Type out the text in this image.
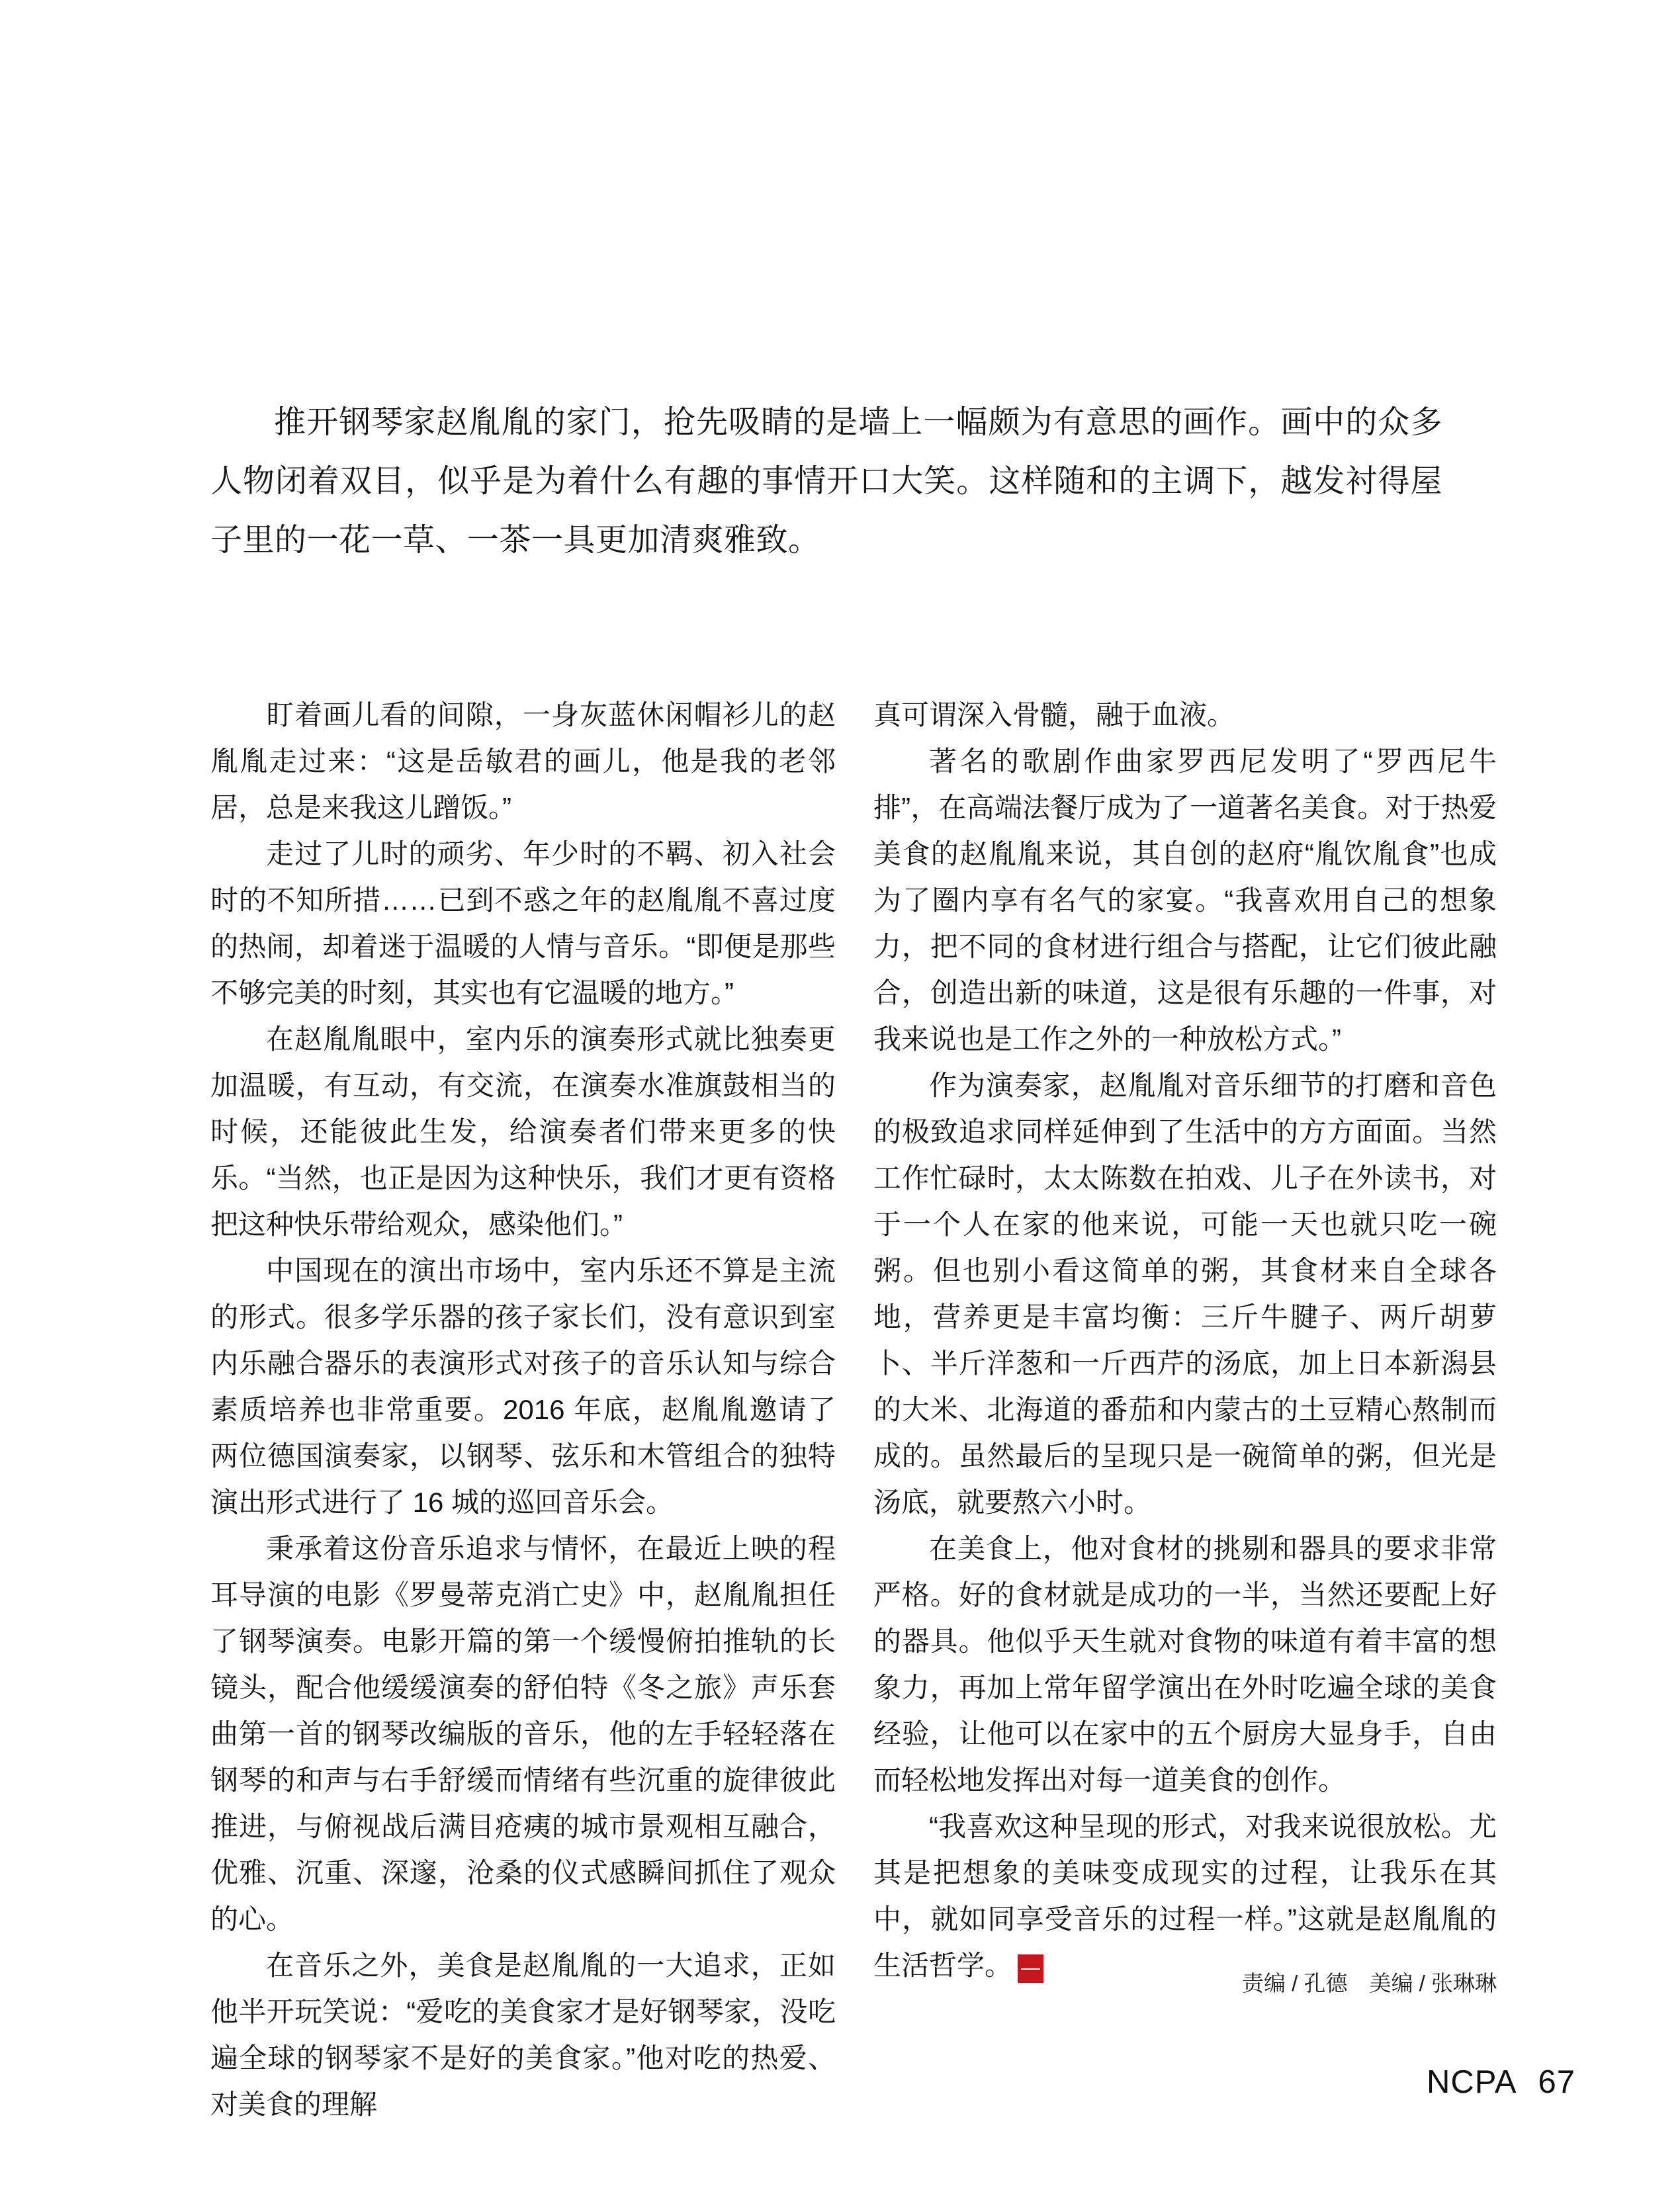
推开钢琴家赵胤胤的家门，抢先吸睛的是墙上一幅颇为有意思的画作。画中的众多人物闭着双目，似乎是为着什么有趣的事情开口大笑。这样随和的主调下，越发衬得屋子里的一花一草、一茶一具更加清爽雅致。

盯着画儿看的间隙，一身灰蓝休闲帽衫儿的赵胤胤走过来：“这是岳敏君的画儿，他是我的老邻居，总是来我这儿蹭饭。”

走过了儿时的顽劣、年少时的不羁、初入社会时的不知所措……已到不惑之年的赵胤胤不喜过度的热闹，却着迷于温暖的人情与音乐。“即便是那些不够完美的时刻，其实也有它温暖的地方。”

在赵胤胤眼中，室内乐的演奏形式就比独奏更加温暖，有互动，有交流，在演奏水准旗鼓相当的时候，还能彼此生发，给演奏者们带来更多的快乐。“当然，也正是因为这种快乐，我们才更有资格把这种快乐带给观众，感染他们。”

中国现在的演出市场中，室内乐还不算是主流的形式。很多学乐器的孩子家长们，没有意识到室内乐融合器乐的表演形式对孩子的音乐认知与综合素质培养也非常重要。2016 年底，赵胤胤邀请了两位德国演奏家，以钢琴、弦乐和木管组合的独特演出形式进行了 16 城的巡回音乐会。

秉承着这份音乐追求与情怀，在最近上映的程耳导演的电影《罗曼蒂克消亡史》中，赵胤胤担任了钢琴演奏。电影开篇的第一个缓慢俯拍推轨的长镜头，配合他缓缓演奏的舒伯特《冬之旅》声乐套曲第一首的钢琴改编版的音乐，他的左手轻轻落在钢琴的和声与右手舒缓而情绪有些沉重的旋律彼此推进，与俯视战后满目疮痍的城市景观相互融合，优雅、沉重、深邃，沧桑的仪式感瞬间抓住了观众的心。

在音乐之外，美食是赵胤胤的一大追求，正如他半开玩笑说：“爱吃的美食家才是好钢琴家，没吃遍全球的钢琴家不是好的美食家。”他对吃的热爱、对美食的理解

真可谓深入骨髓，融于血液。

著名的歌剧作曲家罗西尼发明了“罗西尼牛排”，在高端法餐厅成为了一道著名美食。对于热爱美食的赵胤胤来说，其自创的赵府“胤饮胤食”也成为了圈内享有名气的家宴。“我喜欢用自己的想象力，把不同的食材进行组合与搭配，让它们彼此融合，创造出新的味道，这是很有乐趣的一件事，对我来说也是工作之外的一种放松方式。”

作为演奏家，赵胤胤对音乐细节的打磨和音色的极致追求同样延伸到了生活中的方方面面。当然工作忙碌时，太太陈数在拍戏、儿子在外读书，对于一个人在家的他来说，可能一天也就只吃一碗粥。但也别小看这简单的粥，其食材来自全球各地，营养更是丰富均衡：三斤牛腱子、两斤胡萝卜、半斤洋葱和一斤西芹的汤底，加上日本新潟县的大米、北海道的番茄和内蒙古的土豆精心熬制而成的。虽然最后的呈现只是一碗简单的粥，但光是汤底，就要熬六小时。

在美食上，他对食材的挑剔和器具的要求非常严格。好的食材就是成功的一半，当然还要配上好的器具。他似乎天生就对食物的味道有着丰富的想象力，再加上常年留学演出在外时吃遍全球的美食经验，让他可以在家中的五个厨房大显身手，自由而轻松地发挥出对每一道美食的创作。

“我喜欢这种呈现的形式，对我来说很放松。尤其是把想象的美味变成现实的过程，让我乐在其中，就如同享受音乐的过程一样。”这就是赵胤胤的生活哲学。 $\frac{NC}{PA}$

责编 / 孔德　美编 / 张琳琳
NCPA 67
